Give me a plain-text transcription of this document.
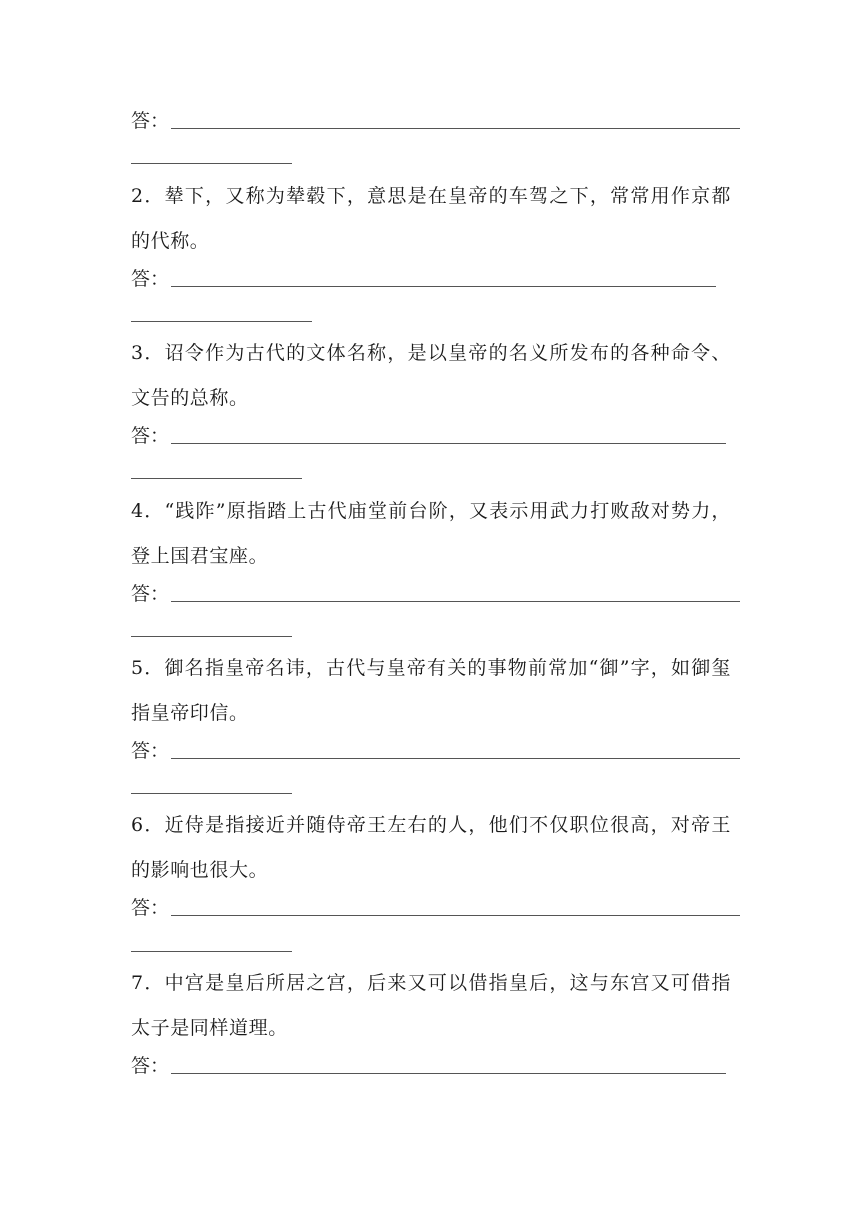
答：
2．辇下，又称为辇毂下，意思是在皇帝的车驾之下，常常用作京都的代称。
答：
3．诏令作为古代的文体名称，是以皇帝的名义所发布的各种命令、文告的总称。
答：
4．“践阼”原指踏上古代庙堂前台阶，又表示用武力打败敌对势力，登上国君宝座。
答：
5．御名指皇帝名讳，古代与皇帝有关的事物前常加“御”字，如御玺指皇帝印信。
答：
6．近侍是指接近并随侍帝王左右的人，他们不仅职位很高，对帝王的影响也很大。
答：
7．中宫是皇后所居之宫，后来又可以借指皇后，这与东宫又可借指太子是同样道理。
答：
